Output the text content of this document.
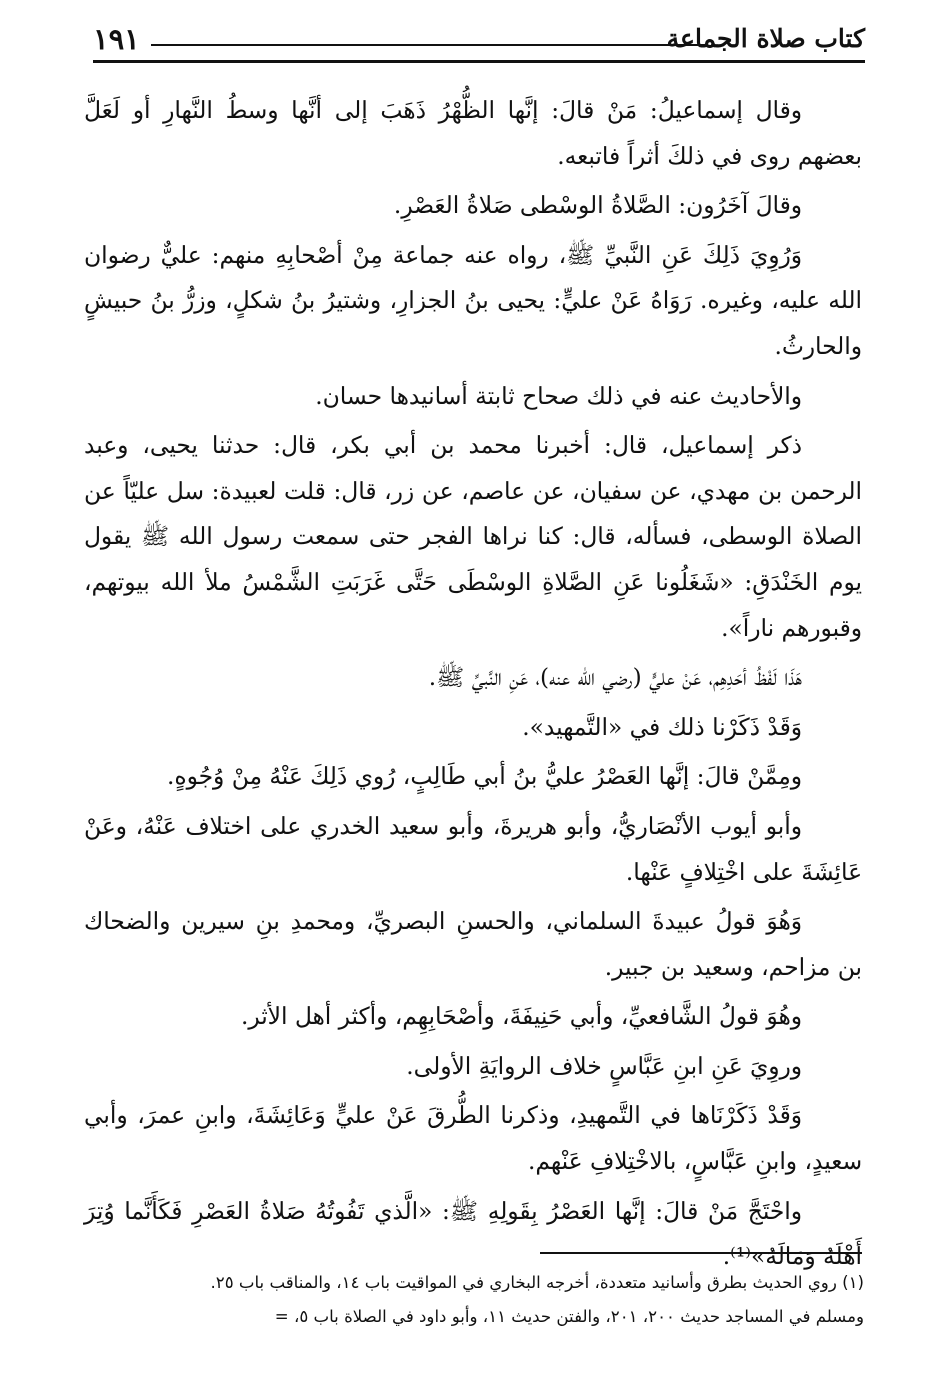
كتاب صلاة الجماعة
١٩١

وقال إسماعيلُ: مَنْ قالَ: إنَّها الظُّهْرُ ذَهَبَ إلى أنَّها وسطُ النَّهارِ أو لَعَلَّ بعضهم روى في ذلكَ أثراً فاتبعه.

وقالَ آخَرُون: الصَّلاةُ الوسْطى صَلاةُ العَصْرِ.

وَرُوِيَ ذَلِكَ عَنِ النَّبيِّ ﷺ، رواه عنه جماعة مِنْ أصْحابِهِ منهم: عليٌّ رضوان الله عليه، وغيره. رَوَاهُ عَنْ عليٍّ: يحيى بنُ الجزارِ، وشتيرُ بنُ شكلٍ، وزرُّ بنُ حبيشٍ والحارثُ.

والأحاديث عنه في ذلك صحاح ثابتة أسانيدها حسان.

ذكر إسماعيل، قال: أخبرنا محمد بن أبي بكر، قال: حدثنا يحيى، وعبد الرحمن بن مهدي، عن سفيان، عن عاصم، عن زر، قال: قلت لعبيدة: سل عليّاً عن الصلاة الوسطى، فسأله، قال: كنا نراها الفجر حتى سمعت رسول الله ﷺ يقول يوم الخَنْدَقِ: «شَغَلُونا عَنِ الصَّلاةِ الوسْطَى حَتَّى غَرَبَتِ الشَّمْسُ ملأ الله بيوتهم، وقبورهم ناراً».

هَذَا لَفْظُ أحَدِهِم، عَنْ عليٍّ (رضي الله عنه)، عَنِ النَّبيِّ ﷺ.

وَقَدْ ذَكَرْنا ذلك في «التَّمهيد».

ومِمَّنْ قالَ: إنَّها العَصْرُ عليُّ بنُ أبي طَالِبٍ، رُوي ذَلِكَ عَنْهُ مِنْ وُجُوهٍ.

وأبو أيوب الأنْصَاريُّ، وأبو هريرةَ، وأبو سعيد الخدري على اختلاف عَنْهُ، وعَنْ عَائِشَةَ على اخْتِلافٍ عَنْها.

وَهُوَ قولُ عبيدةَ السلماني، والحسنِ البصريِّ، ومحمدِ بنِ سيرين والضحاك بن مزاحم، وسعيد بن جبير.

وهُوَ قولُ الشَّافعيِّ، وأبي حَنِيفَةَ، وأصْحَابِهِم، وأكثر أهل الأثر.

وروِيَ عَنِ ابنِ عَبَّاسٍ خلاف الروايَةِ الأولى.

وَقَدْ ذَكَرْنَاها في التَّمهيدِ، وذكرنا الطُّرقَ عَنْ عليٍّ وَعَائِشَةَ، وابنِ عمرَ، وأبي سعيدٍ، وابنِ عَبَّاسٍ، بالاخْتِلافِ عَنْهم.

واحْتَجَّ مَنْ قالَ: إنَّها العَصْرُ بِقَولِهِ ﷺ: «الَّذي تَفُوتُهُ صَلاةُ العَصْرِ فَكَأَنَّما وُتِرَ أَهْلَهُ وَمَالَهُ»⁽¹⁾.

(١) روي الحديث بطرق وأسانيد متعددة، أخرجه البخاري في المواقيت باب ١٤، والمناقب باب ٢٥.

ومسلم في المساجد حديث ٢٠٠، ٢٠١، والفتن حديث ١١، وأبو داود في الصلاة باب ٥، =
